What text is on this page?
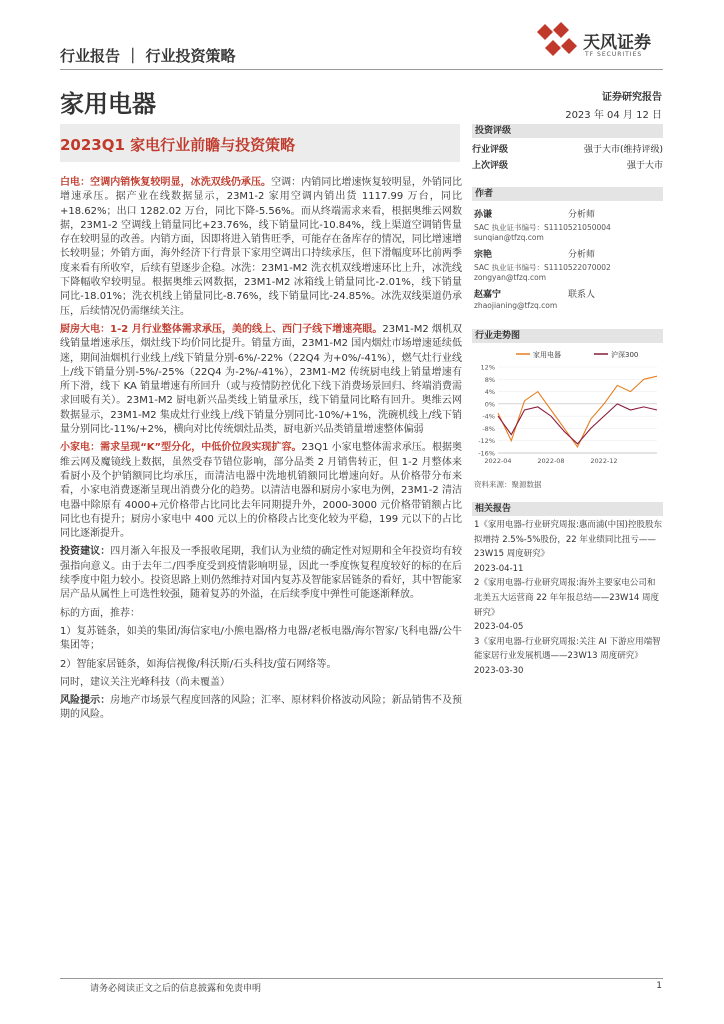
行业报告 ｜ 行业投资策略
天风证券
TF SECURITIES
家用电器	证券研究报告
2023 年 04 月 12 日
2023Q1 家电行业前瞻与投资策略
投资评级
行业评级	强于大市(维持评级)
上次评级	强于大市
作者
孙谦	分析师
SAC 执业证书编号：S1110521050004
sunqian@tfzq.com
宗艳	分析师
SAC 执业证书编号：S1110522070002
zongyan@tfzq.com
赵嘉宁	联系人
zhaojianing@tfzq.com
行业走势图
12%
8%
4%
0%
-4%
-8%
-12%
-16%
2022-04	2022-08	2022-12
家用电器	沪深300
资料来源：聚源数据
相关报告
1《家用电器-行业研究周报:惠而浦(中国)控股股东拟增持 2.5%-5%股份，22 年业绩同比扭亏——23W15 周度研究》
2023-04-11
2《家用电器-行业研究周报:海外主要家电公司和北美五大运营商 22 年年报总结——23W14 周度研究》
2023-04-05
3《家用电器-行业研究周报:关注 AI 下游应用端智能家居行业发展机遇——23W13 周度研究》
2023-03-30

白电：空调内销恢复较明显，冰洗双线仍承压。空调：内销同比增速恢复较明显，外销同比增速承压。据产业在线数据显示，23M1-2 家用空调内销出货 1117.99 万台，同比+18.62%；出口 1282.02 万台，同比下降-5.56%。而从终端需求来看，根据奥维云网数据，23M1-2 空调线上销量同比+23.76%，线下销量同比-10.84%，线上渠道空调销售量存在较明显的改善。内销方面，因即将进入销售旺季，可能存在备库存的情况，同比增速增长较明显；外销方面，海外经济下行背景下家用空调出口持续承压，但下滑幅度环比前两季度来看有所收窄，后续有望逐步企稳。冰洗：23M1-M2 洗衣机双线增速环比上升，冰洗线下降幅收窄较明显。根据奥维云网数据，23M1-M2 冰箱线上销量同比-2.01%，线下销量同比-18.01%；洗衣机线上销量同比-8.76%，线下销量同比-24.85%。冰洗双线渠道仍承压，后续情况仍需继续关注。

厨房大电：1-2 月行业整体需求承压，美的线上、西门子线下增速亮眼。23M1-M2 烟机双线销量增速承压，烟灶线下均价同比提升。销量方面，23M1-M2 国内烟灶市场增速延续低迷，期间油烟机行业线上/线下销量分别-6%/-22%（22Q4 为+0%/-41%），燃气灶行业线上/线下销量分别-5%/-25%（22Q4 为-2%/-41%），23M1-M2 传统厨电线上销量增速有所下滑，线下 KA 销量增速有所回升（或与疫情防控优化下线下消费场景回归、终端消费需求回暖有关）。23M1-M2 厨电新兴品类线上销量承压，线下销量同比略有回升。奥维云网数据显示，23M1-M2 集成灶行业线上/线下销量分别同比-10%/+1%，洗碗机线上/线下销量分别同比-11%/+2%，横向对比传统烟灶品类，厨电新兴品类销量增速整体偏弱

小家电：需求呈现“K”型分化，中低价位段实现扩容。23Q1 小家电整体需求承压。根据奥维云网及魔镜线上数据，虽然受春节错位影响，部分品类 2 月销售转正，但 1-2 月整体来看厨小及个护销额同比均承压，而清洁电器中洗地机销额同比增速向好。从价格带分布来看，小家电消费逐渐呈现出消费分化的趋势。以清洁电器和厨房小家电为例，23M1-2 清洁电器中除原有 4000+元价格带占比同比去年同期提升外，2000-3000 元价格带销额占比同比也有提升；厨房小家电中 400 元以上的价格段占比变化较为平稳，199 元以下的占比同比逐渐提升。

投资建议：四月渐入年报及一季报收尾期，我们认为业绩的确定性对短期和全年投资均有较强指向意义。由于去年二/四季度受到疫情影响明显，因此一季度恢复程度较好的标的在后续季度中阻力较小。投资思路上则仍然维持对国内复苏及智能家居链条的看好，其中智能家居产品从属性上可选性较强，随着复苏的外溢，在后续季度中弹性可能逐渐释放。

标的方面，推荐：

1）复苏链条，如美的集团/海信家电/小熊电器/格力电器/老板电器/海尔智家/飞科电器/公牛集团等；

2）智能家居链条，如海信视像/科沃斯/石头科技/萤石网络等。

同时，建议关注光峰科技（尚未覆盖）

风险提示：房地产市场景气程度回落的风险；汇率、原材料价格波动风险；新品销售不及预期的风险。

请务必阅读正文之后的信息披露和免责申明	1
